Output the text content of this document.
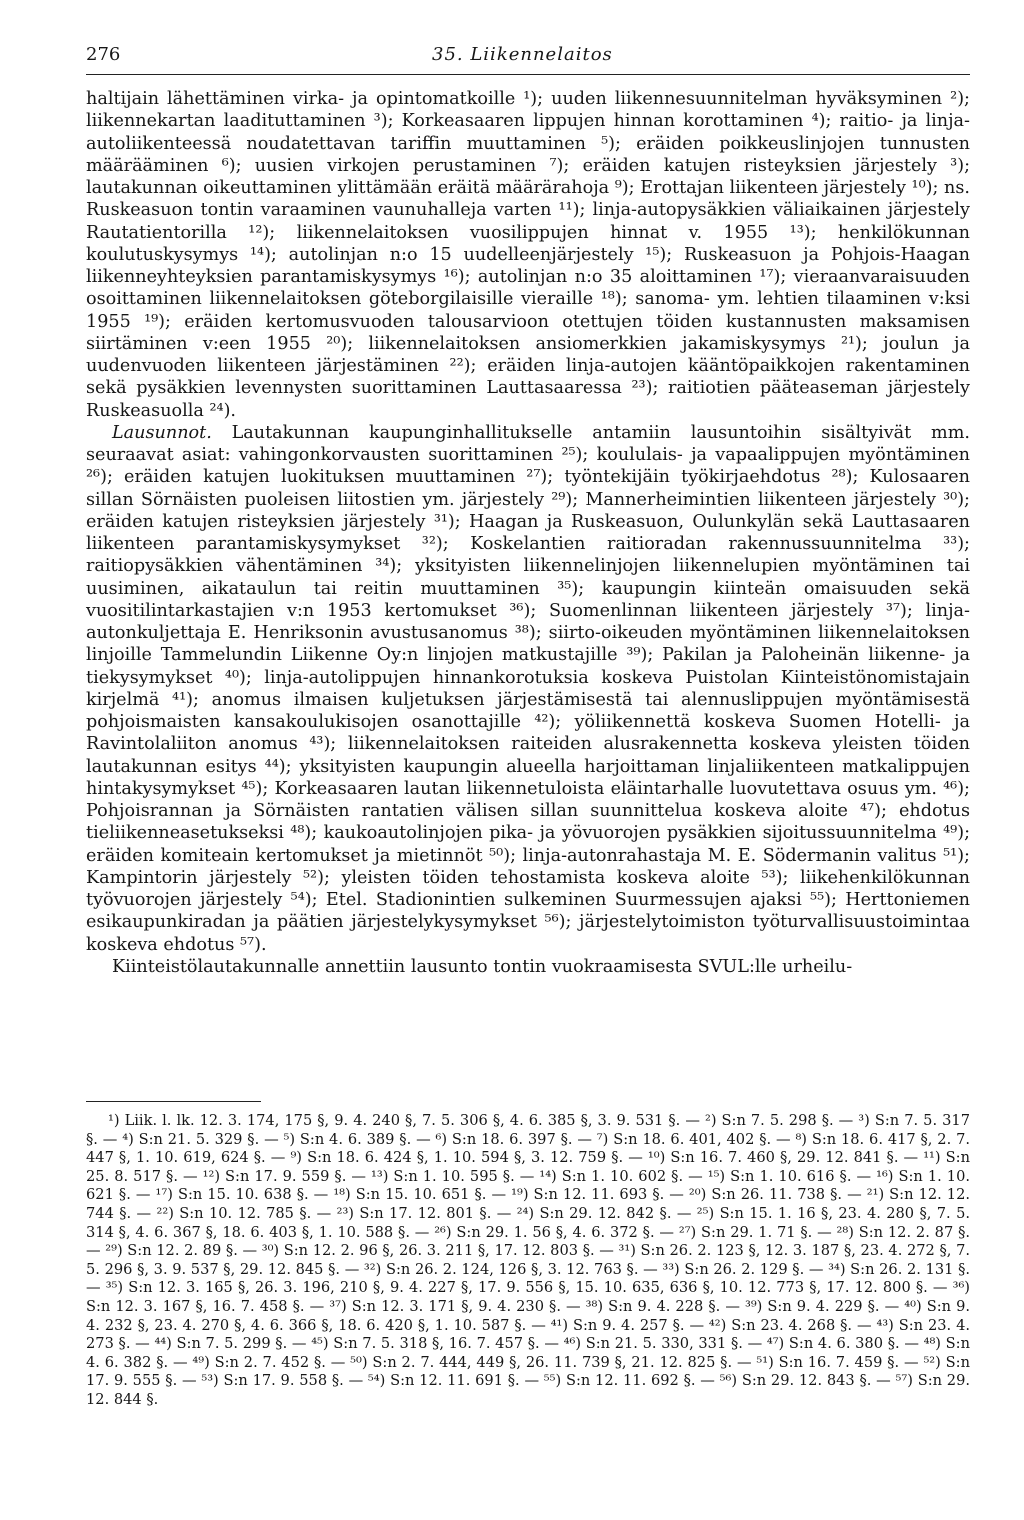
276	35. Liikennelaitos

haltijain lähettäminen virka- ja opintomatkoille ¹); uuden liikennesuunnitelman hyväksyminen ²); liikennekartan laadituttaminen ³); Korkeasaaren lippujen hinnan korottaminen ⁴); raitio- ja linja-autoliikenteessä noudatettavan tariffin muuttaminen ⁵); eräiden poikkeuslinjojen tunnusten määrääminen ⁶); uusien virkojen perustaminen ⁷); eräiden katujen risteyksien järjestely ³); lautakunnan oikeuttaminen ylittämään eräitä määrärahoja ⁹); Erottajan liikenteen järjestely ¹⁰); ns. Ruskeasuon tontin varaaminen vaunuhalleja varten ¹¹); linja-autopysäkkien väliaikainen järjestely Rautatientorilla ¹²); liikennelaitoksen vuosilippujen hinnat v. 1955 ¹³); henkilökunnan koulutuskysymys ¹⁴); autolinjan n:o 15 uudelleenjärjestely ¹⁵); Ruskeasuon ja Pohjois-Haagan liikenneyhteyksien parantamiskysymys ¹⁶); autolinjan n:o 35 aloittaminen ¹⁷); vieraanvaraisuuden osoittaminen liikennelaitoksen göteborgilaisille vieraille ¹⁸); sanoma- ym. lehtien tilaaminen v:ksi 1955 ¹⁹); eräiden kertomusvuoden talousarvioon otettujen töiden kustannusten maksamisen siirtäminen v:een 1955 ²⁰); liikennelaitoksen ansiomerkkien jakamiskysymys ²¹); joulun ja uudenvuoden liikenteen järjestäminen ²²); eräiden linja-autojen kääntöpaikkojen rakentaminen sekä pysäkkien levennysten suorittaminen Lauttasaaressa ²³); raitiotien pääteaseman järjestely Ruskeasuolla ²⁴).

Lausunnot. Lautakunnan kaupunginhallitukselle antamiin lausuntoihin sisältyivät mm. seuraavat asiat: vahingonkorvausten suorittaminen ²⁵); koululais- ja vapaalippujen myöntäminen ²⁶); eräiden katujen luokituksen muuttaminen ²⁷); työntekijäin työkirjaehdotus ²⁸); Kulosaaren sillan Sörnäisten puoleisen liitostien ym. järjestely ²⁹); Mannerheimintien liikenteen järjestely ³⁰); eräiden katujen risteyksien järjestely ³¹); Haagan ja Ruskeasuon, Oulunkylän sekä Lauttasaaren liikenteen parantamiskysymykset ³²); Koskelantien raitioradan rakennussuunnitelma ³³); raitiopysäkkien vähentäminen ³⁴); yksityisten liikennelinjojen liikennelupien myöntäminen tai uusiminen, aikataulun tai reitin muuttaminen ³⁵); kaupungin kiinteän omaisuuden sekä vuositilintarkastajien v:n 1953 kertomukset ³⁶); Suomenlinnan liikenteen järjestely ³⁷); linja-autonkuljettaja E. Henriksonin avustusanomus ³⁸); siirto-oikeuden myöntäminen liikennelaitoksen linjoille Tammelundin Liikenne Oy:n linjojen matkustajille ³⁹); Pakilan ja Paloheinän liikenne- ja tiekysymykset ⁴⁰); linja-autolippujen hinnankorotuksia koskeva Puistolan Kiinteistönomistajain kirjelmä ⁴¹); anomus ilmaisen kuljetuksen järjestämisestä tai alennuslippujen myöntämisestä pohjoismaisten kansakoulukisojen osanottajille ⁴²); yöliikennettä koskeva Suomen Hotelli- ja Ravintolaliiton anomus ⁴³); liikennelaitoksen raiteiden alusrakennetta koskeva yleisten töiden lautakunnan esitys ⁴⁴); yksityisten kaupungin alueella harjoittaman linjaliikenteen matkalippujen hintakysymykset ⁴⁵); Korkeasaaren lautan liikennetuloista eläintarhalle luovutettava osuus ym. ⁴⁶); Pohjoisrannan ja Sörnäisten rantatien välisen sillan suunnittelua koskeva aloite ⁴⁷); ehdotus tieliikenneasetukseksi ⁴⁸); kaukoautolinjojen pika- ja yövuorojen pysäkkien sijoitussuunnitelma ⁴⁹); eräiden komiteain kertomukset ja mietinnöt ⁵⁰); linja-autonrahastaja M. E. Södermanin valitus ⁵¹); Kampintorin järjestely ⁵²); yleisten töiden tehostamista koskeva aloite ⁵³); liikehenkilökunnan työvuorojen järjestely ⁵⁴); Etel. Stadionintien sulkeminen Suurmessujen ajaksi ⁵⁵); Herttoniemen esikaupunkiradan ja päätien järjestelykysymykset ⁵⁶); järjestelytoimiston työturvallisuustoimintaa koskeva ehdotus ⁵⁷).

Kiinteistölautakunnalle annettiin lausunto tontin vuokraamisesta SVUL:lle urheilu-

¹) Liik. l. lk. 12. 3. 174, 175 §, 9. 4. 240 §, 7. 5. 306 §, 4. 6. 385 §, 3. 9. 531 §. — ²) S:n 7. 5. 298 §. — ³) S:n 7. 5. 317 §. — ⁴) S:n 21. 5. 329 §. — ⁵) S:n 4. 6. 389 §. — ⁶) S:n 18. 6. 397 §. — ⁷) S:n 18. 6. 401, 402 §. — ⁸) S:n 18. 6. 417 §, 2. 7. 447 §, 1. 10. 619, 624 §. — ⁹) S:n 18. 6. 424 §, 1. 10. 594 §, 3. 12. 759 §. — ¹⁰) S:n 16. 7. 460 §, 29. 12. 841 §. — ¹¹) S:n 25. 8. 517 §. — ¹²) S:n 17. 9. 559 §. — ¹³) S:n 1. 10. 595 §. — ¹⁴) S:n 1. 10. 602 §. — ¹⁵) S:n 1. 10. 616 §. — ¹⁶) S:n 1. 10. 621 §. — ¹⁷) S:n 15. 10. 638 §. — ¹⁸) S:n 15. 10. 651 §. — ¹⁹) S:n 12. 11. 693 §. — ²⁰) S:n 26. 11. 738 §. — ²¹) S:n 12. 12. 744 §. — ²²) S:n 10. 12. 785 §. — ²³) S:n 17. 12. 801 §. — ²⁴) S:n 29. 12. 842 §. — ²⁵) S:n 15. 1. 16 §, 23. 4. 280 §, 7. 5. 314 §, 4. 6. 367 §, 18. 6. 403 §, 1. 10. 588 §. — ²⁶) S:n 29. 1. 56 §, 4. 6. 372 §. — ²⁷) S:n 29. 1. 71 §. — ²⁸) S:n 12. 2. 87 §. — ²⁹) S:n 12. 2. 89 §. — ³⁰) S:n 12. 2. 96 §, 26. 3. 211 §, 17. 12. 803 §. — ³¹) S:n 26. 2. 123 §, 12. 3. 187 §, 23. 4. 272 §, 7. 5. 296 §, 3. 9. 537 §, 29. 12. 845 §. — ³²) S:n 26. 2. 124, 126 §, 3. 12. 763 §. — ³³) S:n 26. 2. 129 §. — ³⁴) S:n 26. 2. 131 §. — ³⁵) S:n 12. 3. 165 §, 26. 3. 196, 210 §, 9. 4. 227 §, 17. 9. 556 §, 15. 10. 635, 636 §, 10. 12. 773 §, 17. 12. 800 §. — ³⁶) S:n 12. 3. 167 §, 16. 7. 458 §. — ³⁷) S:n 12. 3. 171 §, 9. 4. 230 §. — ³⁸) S:n 9. 4. 228 §. — ³⁹) S:n 9. 4. 229 §. — ⁴⁰) S:n 9. 4. 232 §, 23. 4. 270 §, 4. 6. 366 §, 18. 6. 420 §, 1. 10. 587 §. — ⁴¹) S:n 9. 4. 257 §. — ⁴²) S:n 23. 4. 268 §. — ⁴³) S:n 23. 4. 273 §. — ⁴⁴) S:n 7. 5. 299 §. — ⁴⁵) S:n 7. 5. 318 §, 16. 7. 457 §. — ⁴⁶) S:n 21. 5. 330, 331 §. — ⁴⁷) S:n 4. 6. 380 §. — ⁴⁸) S:n 4. 6. 382 §. — ⁴⁹) S:n 2. 7. 452 §. — ⁵⁰) S:n 2. 7. 444, 449 §, 26. 11. 739 §, 21. 12. 825 §. — ⁵¹) S:n 16. 7. 459 §. — ⁵²) S:n 17. 9. 555 §. — ⁵³) S:n 17. 9. 558 §. — ⁵⁴) S:n 12. 11. 691 §. — ⁵⁵) S:n 12. 11. 692 §. — ⁵⁶) S:n 29. 12. 843 §. — ⁵⁷) S:n 29. 12. 844 §.
